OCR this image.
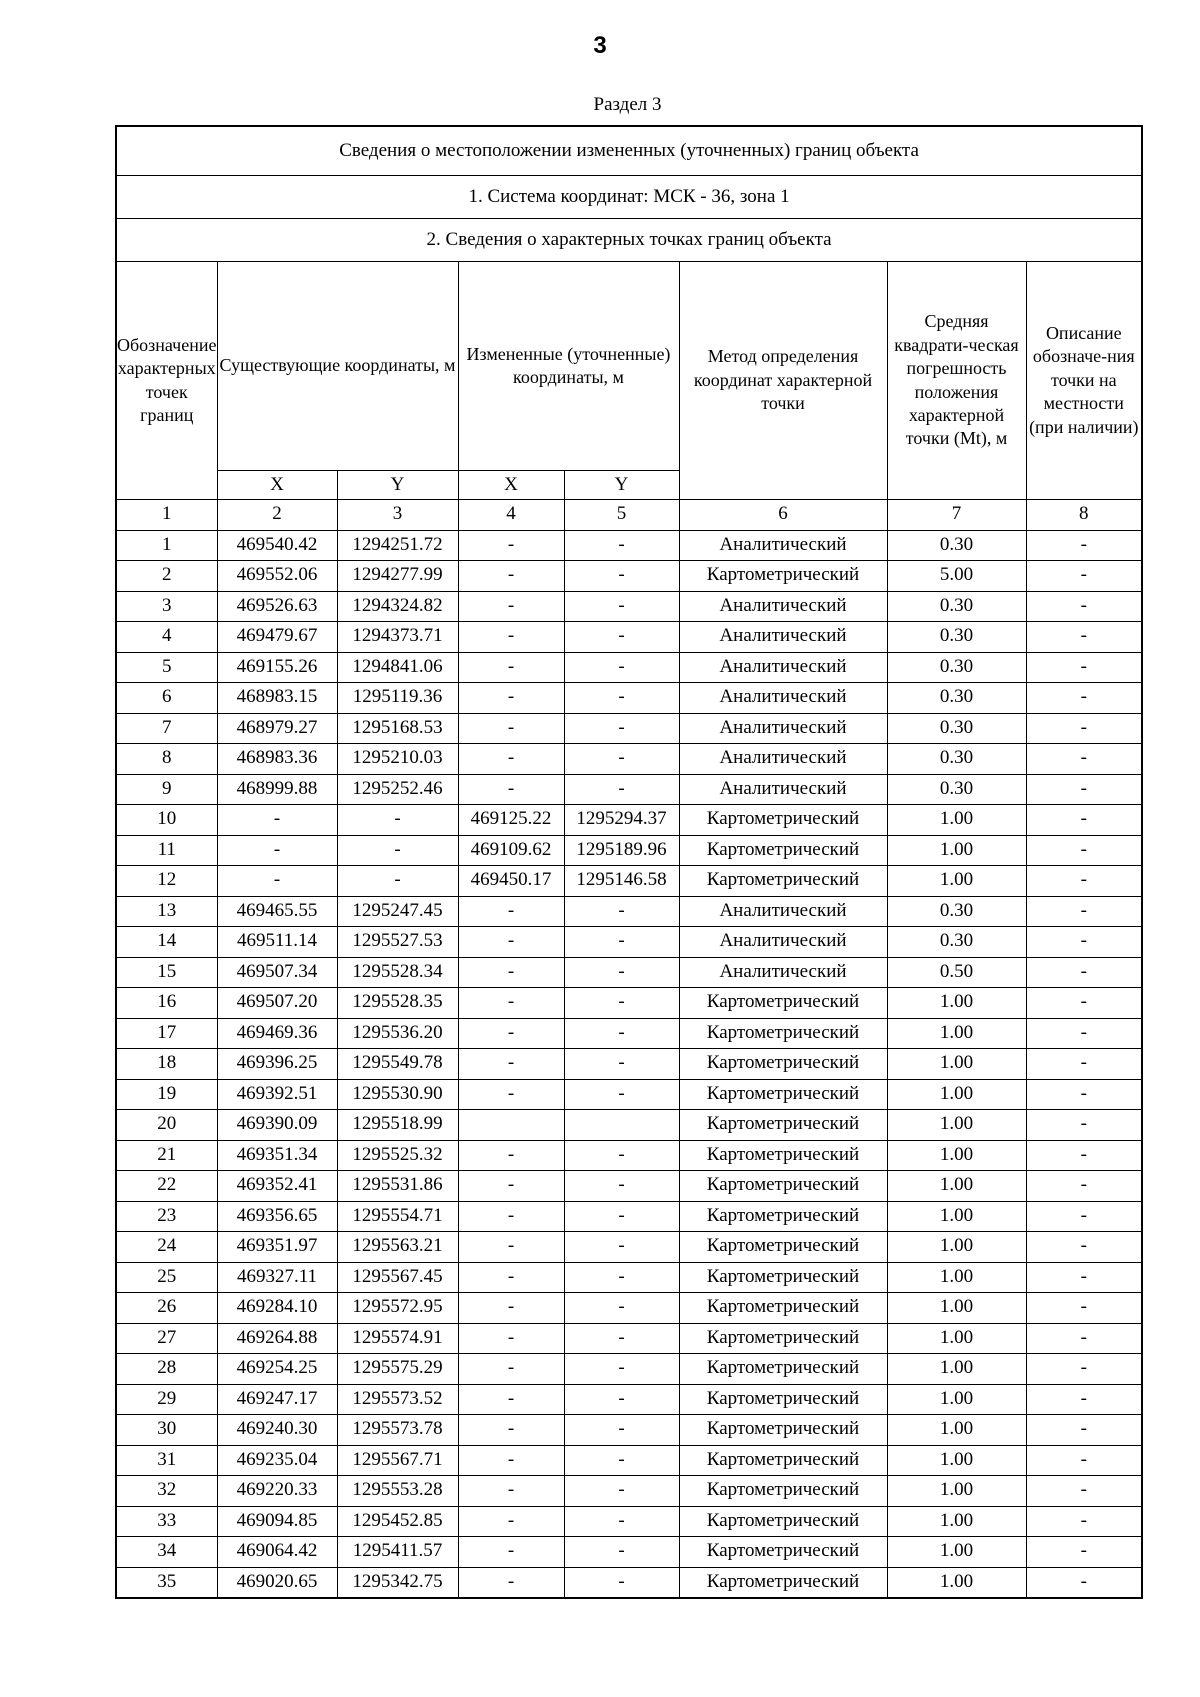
3
Раздел 3
Сведения о местоположении измененных (уточненных) границ объекта							
1. Система координат: МСК - 36, зона 1							
2. Сведения о характерных точках границ объекта							
Обозначение характерных точек границ	Существующие координаты, м		Измененные (уточненные) координаты, м		Метод определения координат характерной точки	Средняя квадрати-ческая погрешность положения характерной точки (Mt), м	Описание обозначе-ния точки на местности (при наличии)
	X	Y	X	Y			
1	2	3	4	5	6	7	8
1	469540.42	1294251.72	-	-	Аналитический	0.30	-
2	469552.06	1294277.99	-	-	Картометрический	5.00	-
3	469526.63	1294324.82	-	-	Аналитический	0.30	-
4	469479.67	1294373.71	-	-	Аналитический	0.30	-
5	469155.26	1294841.06	-	-	Аналитический	0.30	-
6	468983.15	1295119.36	-	-	Аналитический	0.30	-
7	468979.27	1295168.53	-	-	Аналитический	0.30	-
8	468983.36	1295210.03	-	-	Аналитический	0.30	-
9	468999.88	1295252.46	-	-	Аналитический	0.30	-
10	-	-	469125.22	1295294.37	Картометрический	1.00	-
11	-	-	469109.62	1295189.96	Картометрический	1.00	-
12	-	-	469450.17	1295146.58	Картометрический	1.00	-
13	469465.55	1295247.45	-	-	Аналитический	0.30	-
14	469511.14	1295527.53	-	-	Аналитический	0.30	-
15	469507.34	1295528.34	-	-	Аналитический	0.50	-
16	469507.20	1295528.35	-	-	Картометрический	1.00	-
17	469469.36	1295536.20	-	-	Картометрический	1.00	-
18	469396.25	1295549.78	-	-	Картометрический	1.00	-
19	469392.51	1295530.90	-	-	Картометрический	1.00	-
20	469390.09	1295518.99			Картометрический	1.00	-
21	469351.34	1295525.32	-	-	Картометрический	1.00	-
22	469352.41	1295531.86	-	-	Картометрический	1.00	-
23	469356.65	1295554.71	-	-	Картометрический	1.00	-
24	469351.97	1295563.21	-	-	Картометрический	1.00	-
25	469327.11	1295567.45	-	-	Картометрический	1.00	-
26	469284.10	1295572.95	-	-	Картометрический	1.00	-
27	469264.88	1295574.91	-	-	Картометрический	1.00	-
28	469254.25	1295575.29	-	-	Картометрический	1.00	-
29	469247.17	1295573.52	-	-	Картометрический	1.00	-
30	469240.30	1295573.78	-	-	Картометрический	1.00	-
31	469235.04	1295567.71	-	-	Картометрический	1.00	-
32	469220.33	1295553.28	-	-	Картометрический	1.00	-
33	469094.85	1295452.85	-	-	Картометрический	1.00	-
34	469064.42	1295411.57	-	-	Картометрический	1.00	-
35	469020.65	1295342.75	-	-	Картометрический	1.00	-
